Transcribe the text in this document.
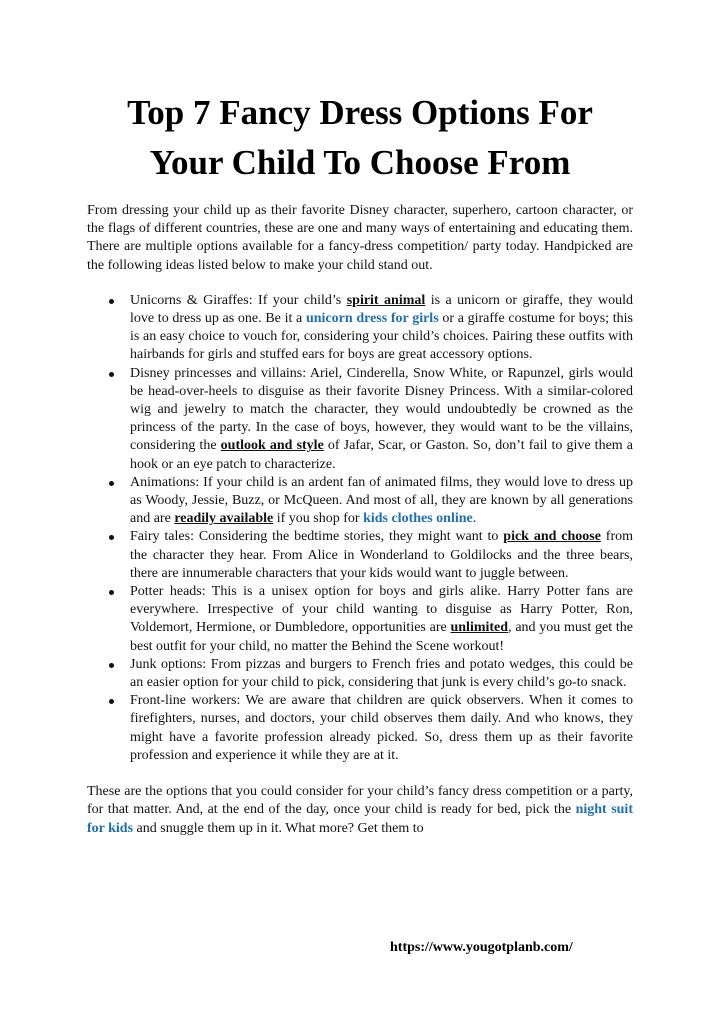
Top 7 Fancy Dress Options For
Your Child To Choose From

From dressing your child up as their favorite Disney character, superhero, cartoon character, or the flags of different countries, these are one and many ways of entertaining and educating them. There are multiple options available for a fancy-dress competition/ party today. Handpicked are the following ideas listed below to make your child stand out.

Unicorns & Giraffes: If your child’s spirit animal is a unicorn or giraffe, they would love to dress up as one. Be it a unicorn dress for girls or a giraffe costume for boys; this is an easy choice to vouch for, considering your child’s choices. Pairing these outfits with hairbands for girls and stuffed ears for boys are great accessory options.
Disney princesses and villains: Ariel, Cinderella, Snow White, or Rapunzel, girls would be head-over-heels to disguise as their favorite Disney Princess. With a similar-colored wig and jewelry to match the character, they would undoubtedly be crowned as the princess of the party. In the case of boys, however, they would want to be the villains, considering the outlook and style of Jafar, Scar, or Gaston. So, don’t fail to give them a hook or an eye patch to characterize.
Animations: If your child is an ardent fan of animated films, they would love to dress up as Woody, Jessie, Buzz, or McQueen. And most of all, they are known by all generations and are readily available if you shop for kids clothes online.
Fairy tales: Considering the bedtime stories, they might want to pick and choose from the character they hear. From Alice in Wonderland to Goldilocks and the three bears, there are innumerable characters that your kids would want to juggle between.
Potter heads: This is a unisex option for boys and girls alike. Harry Potter fans are everywhere. Irrespective of your child wanting to disguise as Harry Potter, Ron, Voldemort, Hermione, or Dumbledore, opportunities are unlimited, and you must get the best outfit for your child, no matter the Behind the Scene workout!
Junk options: From pizzas and burgers to French fries and potato wedges, this could be an easier option for your child to pick, considering that junk is every child’s go-to snack.
Front-line workers: We are aware that children are quick observers. When it comes to firefighters, nurses, and doctors, your child observes them daily. And who knows, they might have a favorite profession already picked. So, dress them up as their favorite profession and experience it while they are at it.

These are the options that you could consider for your child’s fancy dress competition or a party, for that matter. And, at the end of the day, once your child is ready for bed, pick the night suit for kids and snuggle them up in it. What more? Get them to

https://www.yougotplanb.com/
